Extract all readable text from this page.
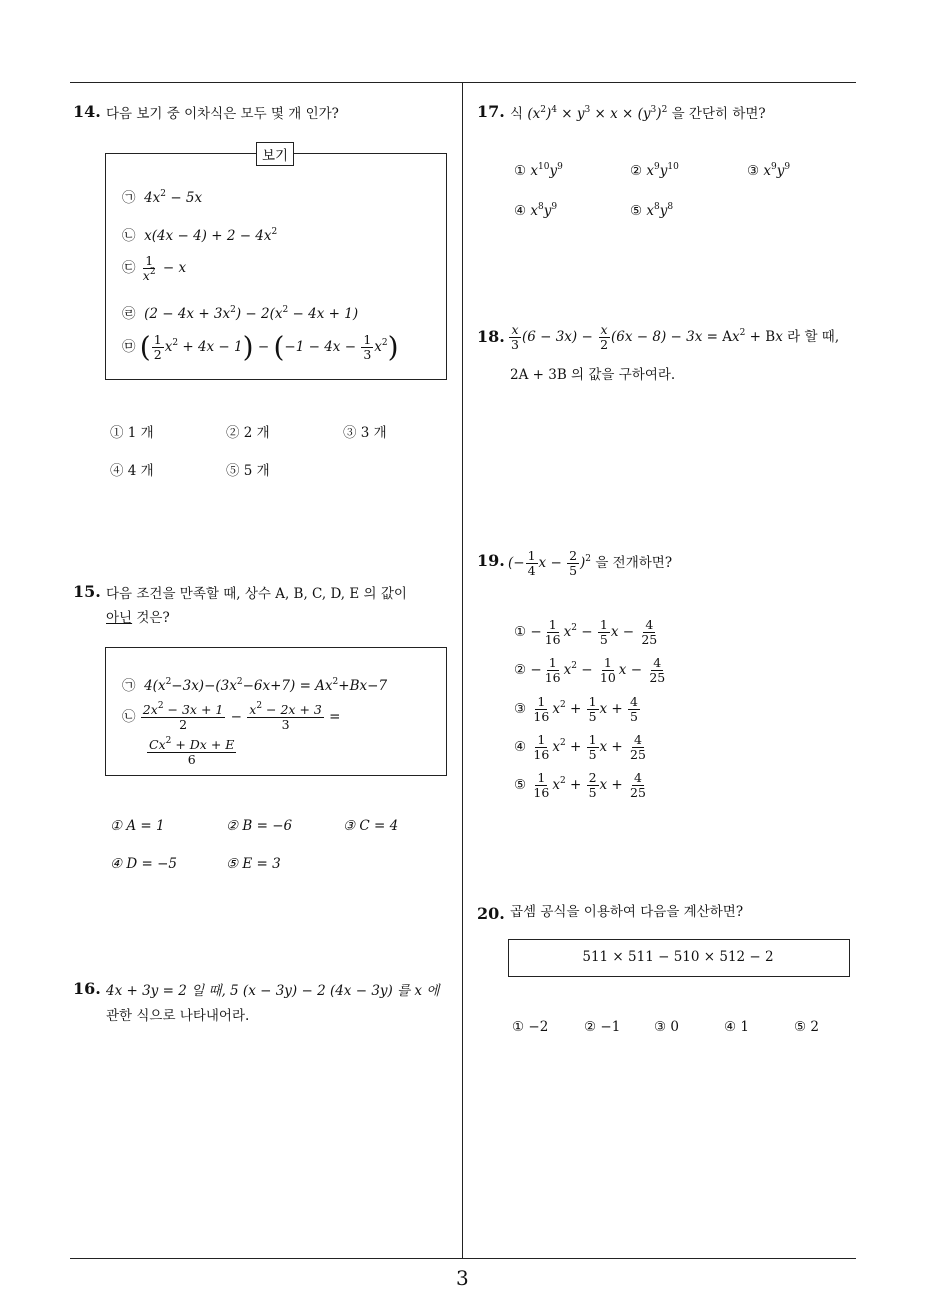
14. 다음 보기 중 이차식은 모두 몇 개 인가?
보기
㉠  $4x^2 - 5x$
㉡  $x(4x - 4) + 2 - 4x^2$
㉢ $\frac{1}{x^2} - x$
㉣  $(2 - 4x + 3x^2) - 2(x^2 - 4x + 1)$
㉤ ( $\frac{1}{2} x^2 + 4x - 1) - (-1 - 4x - \frac{1}{3} x^2)$
① 1 개	② 2 개	③ 3 개
④ 4 개	⑤ 5 개
15. 다음 조건을 만족할 때, 상수 A, B, C, D, E 의 값이
아닌 것은?
㉠  $4(x^2-3x)-(3x^2-6x+7) = Ax^2+Bx-7$
㉡ $\frac{2x^2 - 3x + 1}{2} - \frac{x^2 - 2x + 3}{3}$ =
$\frac{Cx^2 + Dx + E}{6}$
① A = 1	② B = −6	③ C = 4
④ D = −5	⑤ E = 3
16. 4x + 3y = 2 일 때, 5 (x − 3y) − 2 (4x − 3y) 를 x 에
관한 식으로 나타내어라.
17. 식 $(x^2)^4 \times y^3 \times x \times (y^3)^2$ 을 간단히 하면?
① $x^{10}y^9$	② $x^9y^{10}$	③ $x^9y^9$
④ $x^8y^9$	⑤ $x^8y^8$
18. $\frac{x}{3} (6 - 3x) - \frac{x}{2} (6x - 8) - 3x = Ax^2 + Bx$ 라 할 때,
2A + 3B 의 값을 구하여라.
19. (− $\frac{1}{4}$ $x - \frac{2}{5} )^2$ 을 전개하면?
① − $\frac{1}{16} x^2 - \frac{1}{5}$ $x - \frac{4}{25}$
② − $\frac{1}{16} x^2 - \frac{1}{10}$ $x - \frac{4}{25}$
③ $\frac{1}{16} x^2 + \frac{1}{5}$ $x + \frac{4}{5}$
④ $\frac{1}{16} x^2 + \frac{1}{5}$ $x + \frac{4}{25}$
⑤ $\frac{1}{16} x^2 + \frac{2}{5}$ $x + \frac{4}{25}$
20. 곱셈 공식을 이용하여 다음을 계산하면?
511 × 511 − 510 × 512 − 2
① −2	② −1 ③ 0	④ 1	⑤ 2
3
